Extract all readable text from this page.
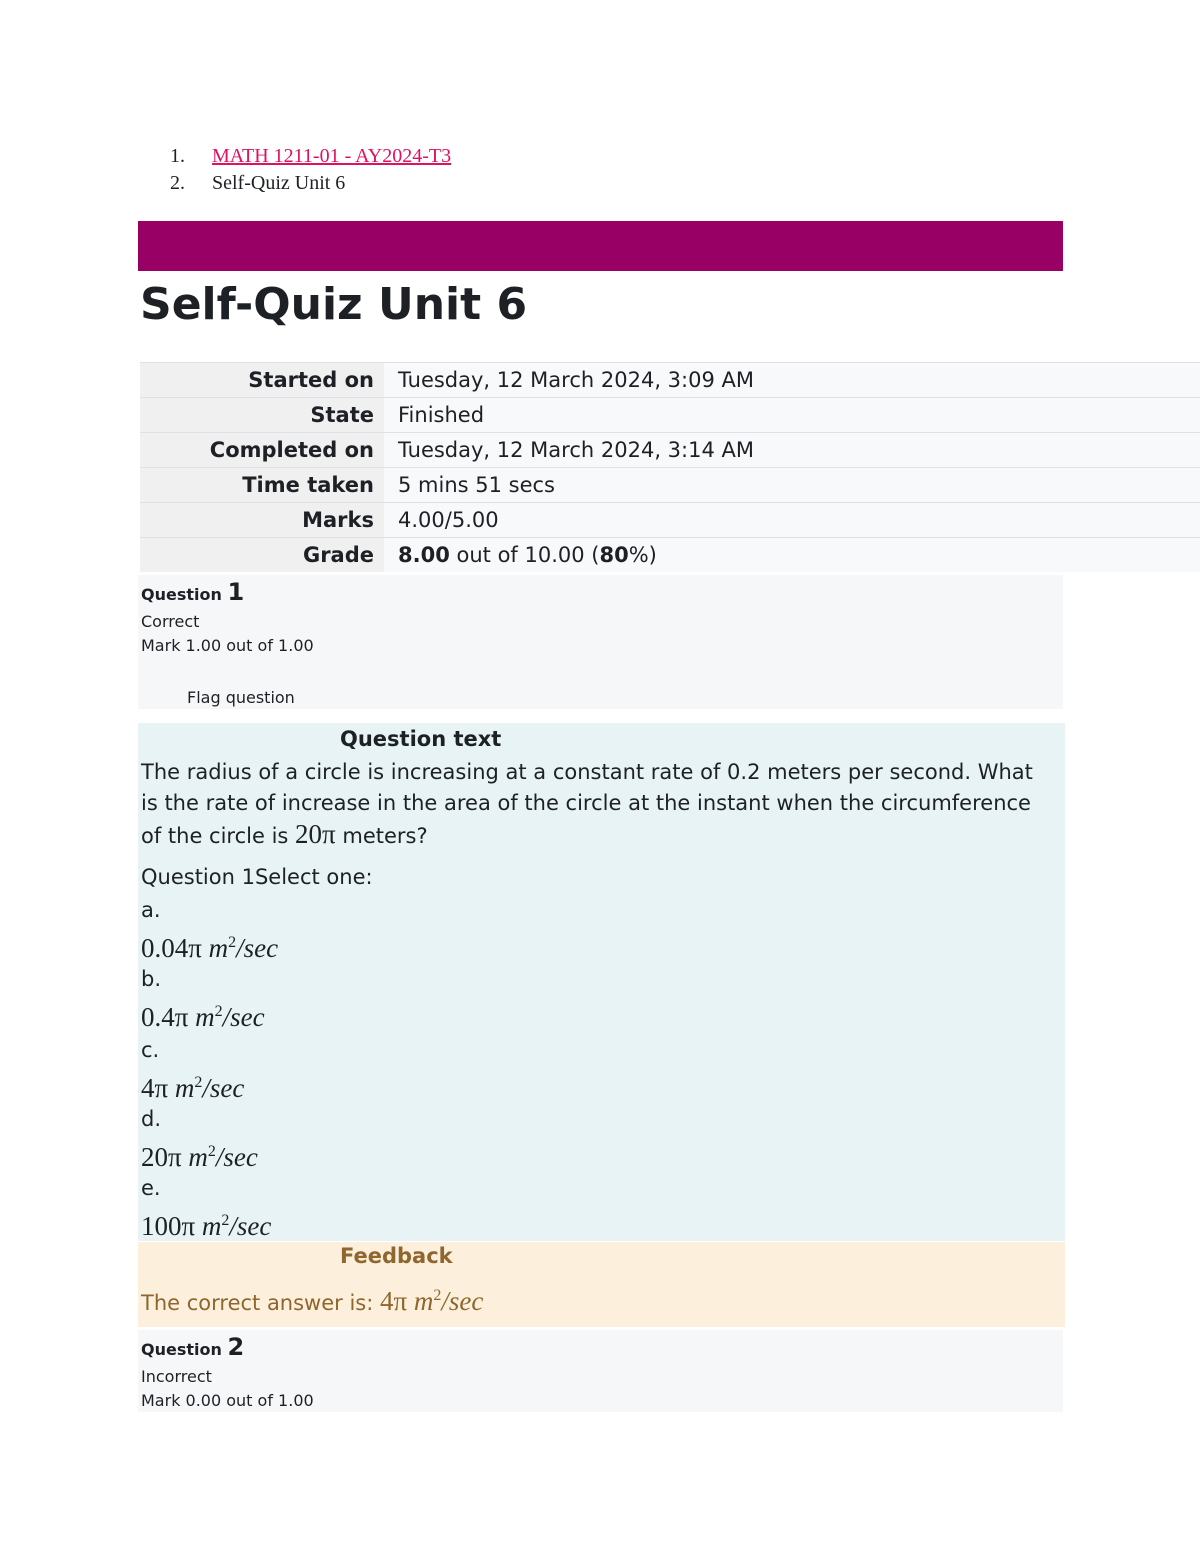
1.	MATH 1211-01 - AY2024-T3
2.	Self-Quiz Unit 6
Self-Quiz Unit 6
Started on	Tuesday, 12 March 2024, 3:09 AM
State	Finished
Completed on	Tuesday, 12 March 2024, 3:14 AM
Time taken	5 mins 51 secs
Marks	4.00/5.00
Grade	8.00 out of 10.00 (80%)
Question 1
Correct
Mark 1.00 out of 1.00
Flag question
Question text
The radius of a circle is increasing at a constant rate of 0.2 meters per second. What is the rate of increase in the area of the circle at the instant when the circumference of the circle is 20π meters?
Question 1Select one:
a.
0.04π $m^2/\sec$
b.
0.4π $m^2/\sec$
c.
4π $m^2/\sec$
d.
20π $m^2/\sec$
e.
100π $m^2/\sec$
Feedback
The correct answer is: 4π $m^2/\sec$
Question 2
Incorrect
Mark 0.00 out of 1.00
